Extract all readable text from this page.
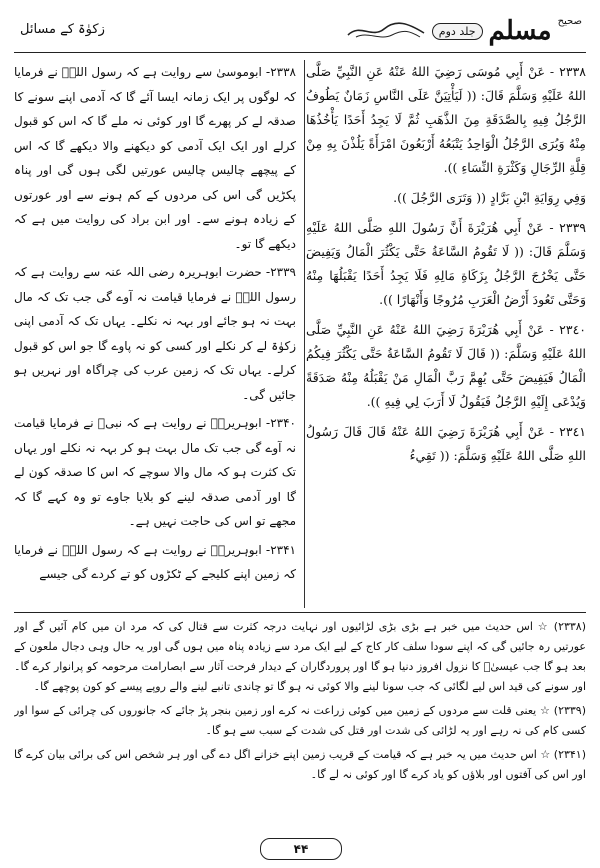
صحیح
مسلم
جلد دوم
زکوٰۃ کے مسائل

٢٣٣٨ - عَنْ أَبِي مُوسَى رَضِيَ اللهُ عَنْهُ عَنِ النَّبِيِّ صَلَّى اللهُ عَلَيْهِ وَسَلَّمَ قَالَ: (( لَيَأْتِيَنَّ عَلَى النَّاسِ زَمَانٌ يَطُوفُ الرَّجُلُ فِيهِ بِالصَّدَقَةِ مِنَ الذَّهَبِ ثُمَّ لَا يَجِدُ أَحَدًا يَأْخُذُهَا مِنْهُ وَيُرَى الرَّجُلُ الْوَاحِدُ يَتْبَعُهُ أَرْبَعُونَ امْرَأَةً يَلُذْنَ بِهِ مِنْ قِلَّةِ الرِّجَالِ وَكَثْرَةِ النِّسَاءِ )).

وَفِي رِوَايَةِ ابْنِ بَرَّادٍ (( وَتَرَى الرَّجُلَ )).

٢٣٣٩ - عَنْ أَبِي هُرَيْرَةَ أَنَّ رَسُولَ اللهِ صَلَّى اللهُ عَلَيْهِ وَسَلَّمَ قَالَ: (( لَا تَقُومُ السَّاعَةُ حَتَّى يَكْثُرَ الْمَالُ وَيَفِيضَ حَتَّى يَخْرُجَ الرَّجُلُ بِزَكَاةِ مَالِهِ فَلَا يَجِدُ أَحَدًا يَقْبَلُهَا مِنْهُ وَحَتَّى تَعُودَ أَرْضُ الْعَرَبِ مُرُوجًا وَأَنْهَارًا )).

٢٣٤٠ - عَنْ أَبِي هُرَيْرَةَ رَضِيَ اللهُ عَنْهُ عَنِ النَّبِيِّ صَلَّى اللهُ عَلَيْهِ وَسَلَّمَ: (( قَالَ لَا تَقُومُ السَّاعَةُ حَتَّى يَكْثُرَ فِيكُمُ الْمَالُ فَيَفِيضَ حَتَّى يُهِمَّ رَبَّ الْمَالِ مَنْ يَقْبَلُهُ مِنْهُ صَدَقَةً وَيُدْعَى إِلَيْهِ الرَّجُلُ فَيَقُولُ لَا أَرَبَ لِي فِيهِ )).

٢٣٤١ - عَنْ أَبِي هُرَيْرَةَ رَضِيَ اللهُ عَنْهُ قَالَ قَالَ رَسُولُ اللهِ صَلَّى اللهُ عَلَيْهِ وَسَلَّمَ: (( تَقِيءُ

۲۳۳۸- ابوموسیٰ سے روایت ہے کہ رسول اللہؐ نے فرمایا کہ لوگوں پر ایک زمانہ ایسا آئے گا کہ آدمی اپنے سونے کا صدقہ لے کر پھرے گا اور کوئی نہ ملے گا کہ اس کو قبول کرلے اور ایک ایک آدمی کو دیکھنے والا دیکھے گا کہ اس کے پیچھے چالیس چالیس عورتیں لگی ہوں گی اور پناہ پکڑیں گی اس کی مردوں کے کم ہونے سے اور عورتوں کے زیادہ ہونے سے۔ اور ابن براد کی روایت میں ہے کہ دیکھے گا تو۔

۲۳۳۹- حضرت ابوہریرہ رضی اللہ عنہ سے روایت ہے کہ رسول اللہؐ نے فرمایا قیامت نہ آوے گی جب تک کہ مال بہت نہ ہو جائے اور بہہ نہ نکلے۔ یہاں تک کہ آدمی اپنی زکوٰۃ لے کر نکلے اور کسی کو نہ پاوے گا جو اس کو قبول کرلے۔ یہاں تک کہ زمین عرب کی چراگاہ اور نہریں ہو جائیں گی۔

۲۳۴۰- ابوہریرہؓ نے روایت ہے کہ نبیؐ نے فرمایا قیامت نہ آوے گی جب تک مال بہت ہو کر بہہ نہ نکلے اور یہاں تک کثرت ہو کہ مال والا سوچے کہ اس کا صدقہ کون لے گا اور آدمی صدقہ لینے کو بلایا جاوے تو وہ کہے گا کہ مجھے تو اس کی حاجت نہیں ہے۔

۲۳۴۱- ابوہریرہؓ نے روایت ہے کہ رسول اللہؐ نے فرمایا کہ زمین اپنے کلیجے کے ٹکڑوں کو تے کردے گی جیسے

(۲۳۳۸) ☆ اس حدیث میں خبر ہے بڑی بڑی لڑائیوں اور نہایت درجہ کثرت سے قتال کی کہ مرد ان میں کام آئیں گے اور عورتیں رہ جائیں گی کہ اپنے سودا سلف کار کاج کے لیے ایک مرد سے زیادہ پناہ میں ہوں گی اور یہ حال وہی دجال ملعون کے بعد ہو گا جب عیسیٰؑ کا نزول افروز دنیا ہو گا اور پروردگاران کے دیدار فرحت آثار سے ابصارامت مرحومہ کو پرانوار کرے گا۔ اور سونے کی قید اس لیے لگائی کہ جب سونا لینے والا کوئی نہ ہو گا تو چاندی تانبے لینے والے روپے پیسے کو کون پوچھے گا۔

(۲۳۳۹) ☆ یعنی قلت سے مردوں کے زمین میں کوئی زراعت نہ کرے اور زمین بنجر پڑ جائے کہ جانوروں کی چرائی کے سوا اور کسی کام کی نہ رہے اور یہ لڑائی کی شدت اور قتل کی شدت کے سبب سے ہو گا۔

(۲۳۴۱) ☆ اس حدیث میں یہ خبر ہے کہ قیامت کے قریب زمین اپنے خزانے اگل دے گی اور ہر شخص اس کی برائی بیان کرے گا اور اس کی آفتوں اور بلاؤں کو یاد کرے گا اور کوئی نہ لے گا۔

۴۴
